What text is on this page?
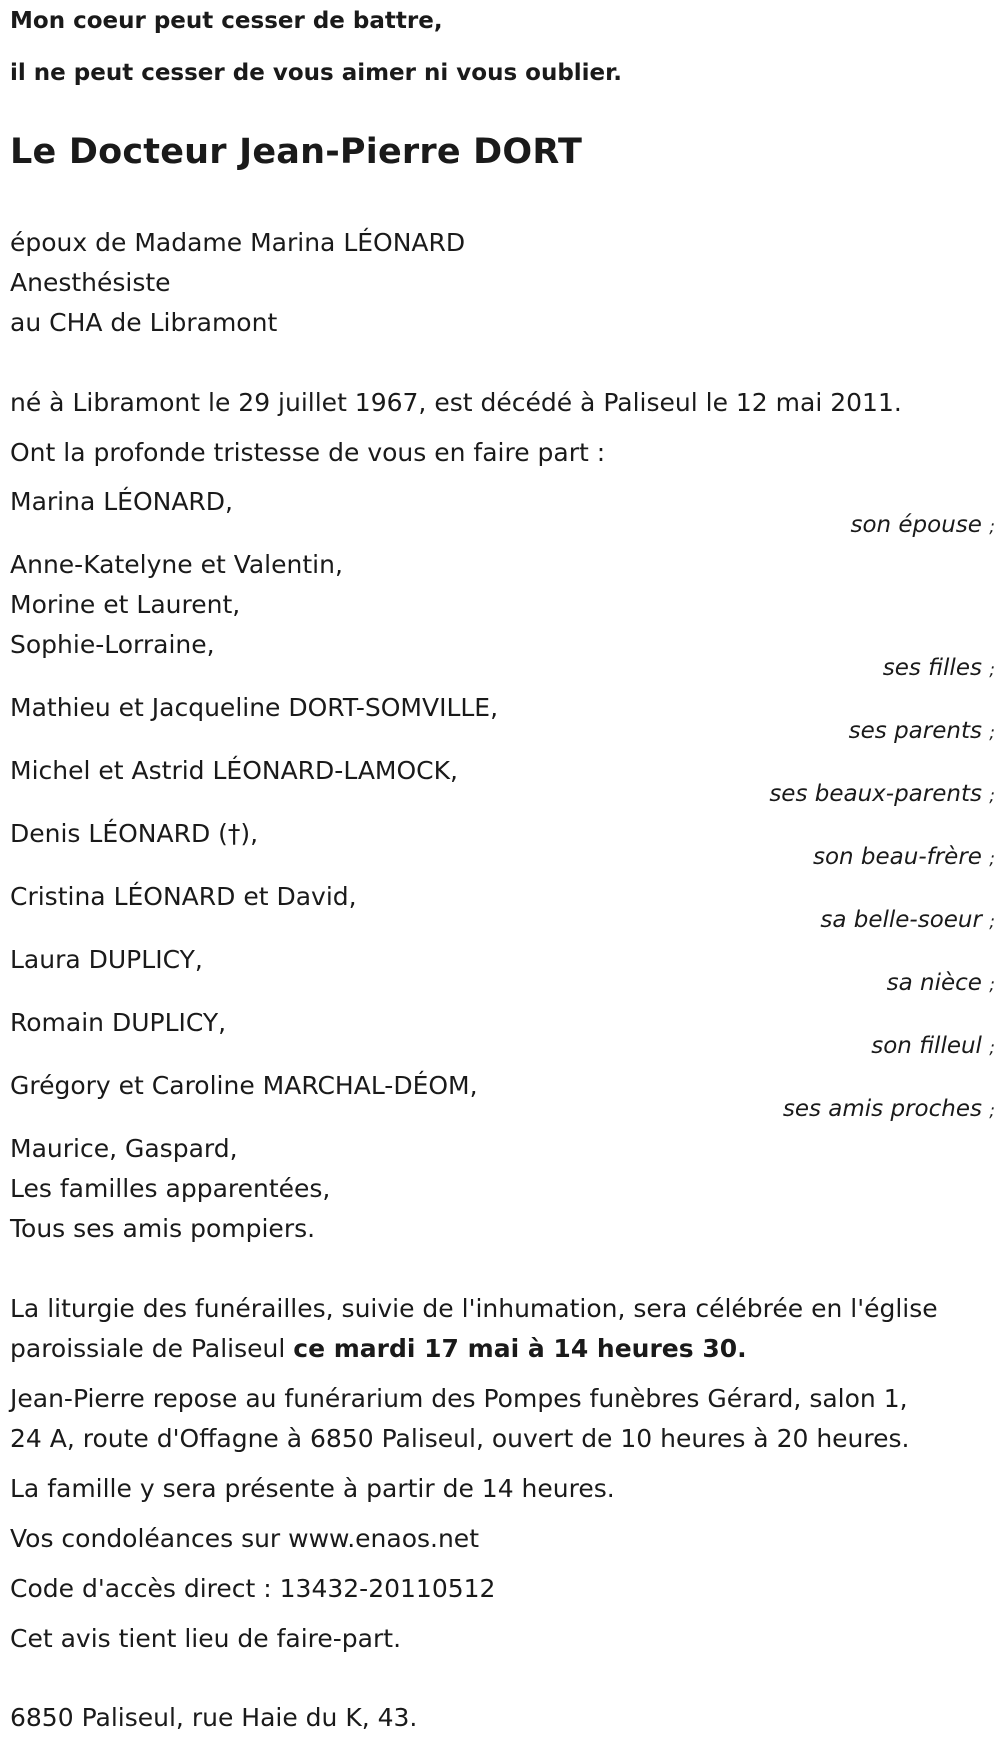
Mon coeur peut cesser de battre,
il ne peut cesser de vous aimer ni vous oublier.
Le Docteur Jean-Pierre DORT
époux de Madame Marina LÉONARD
Anesthésiste
au CHA de Libramont
né à Libramont le 29 juillet 1967, est décédé à Paliseul le 12 mai 2011.
Ont la profonde tristesse de vous en faire part :
Marina LÉONARD,
son épouse ;
Anne-Katelyne et Valentin,
Morine et Laurent,
Sophie-Lorraine,
ses filles ;
Mathieu et Jacqueline DORT-SOMVILLE,
ses parents ;
Michel et Astrid LÉONARD-LAMOCK,
ses beaux-parents ;
Denis LÉONARD (†),
son beau-frère ;
Cristina LÉONARD et David,
sa belle-soeur ;
Laura DUPLICY,
sa nièce ;
Romain DUPLICY,
son filleul ;
Grégory et Caroline MARCHAL-DÉOM,
ses amis proches ;
Maurice, Gaspard,
Les familles apparentées,
Tous ses amis pompiers.
La liturgie des funérailles, suivie de l'inhumation, sera célébrée en l'église
paroissiale de Paliseul ce mardi 17 mai à 14 heures 30.
Jean-Pierre repose au funérarium des Pompes funèbres Gérard, salon 1,
24 A, route d'Offagne à 6850 Paliseul, ouvert de 10 heures à 20 heures.
La famille y sera présente à partir de 14 heures.
Vos condoléances sur www.enaos.net
Code d'accès direct : 13432-20110512
Cet avis tient lieu de faire-part.
6850 Paliseul, rue Haie du K, 43.
